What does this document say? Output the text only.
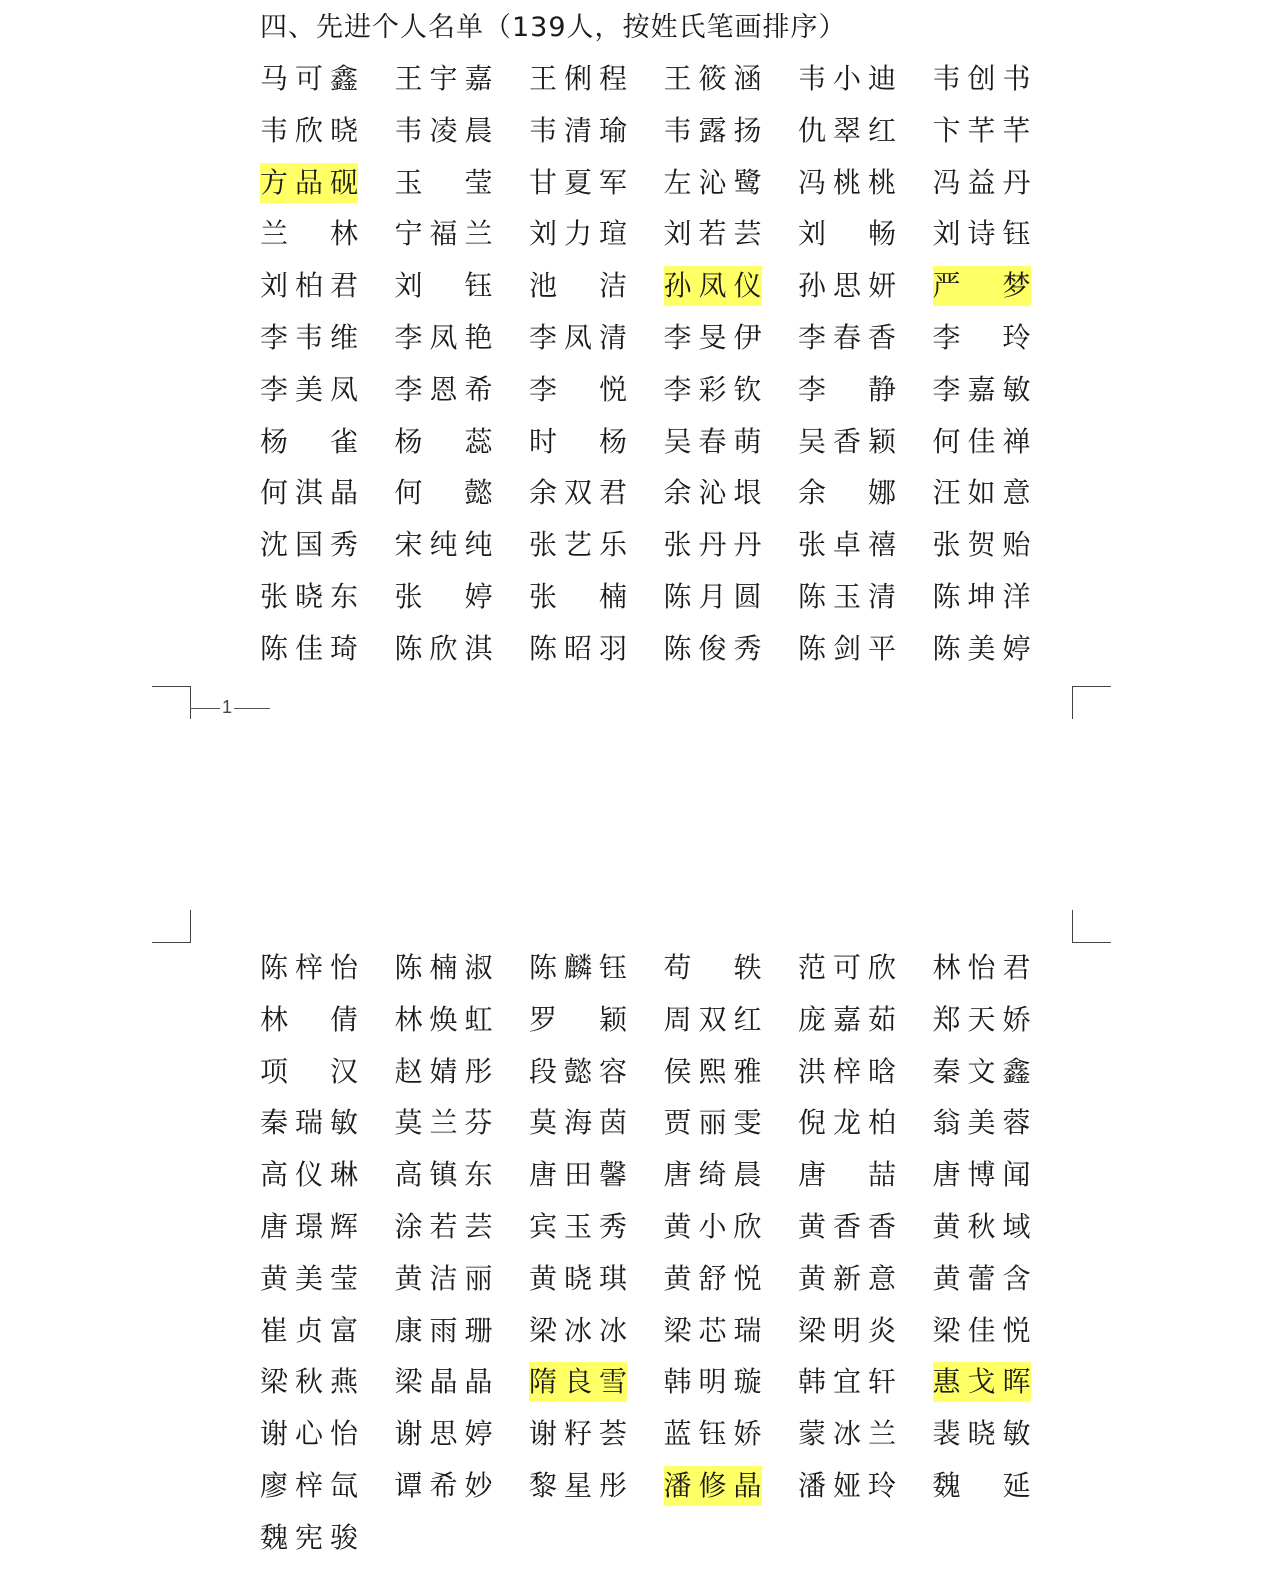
四、先进个人名单（139人，按姓氏笔画排序）
马可鑫	王宇嘉	王俐程	王筱涵	韦小迪	韦创书
韦欣晓	韦凌晨	韦清瑜	韦露扬	仇翠红	卞芊芊
方品砚	玉莹	甘夏军	左沁鹭	冯桃桃	冯益丹
兰林	宁福兰	刘力瑄	刘若芸	刘畅	刘诗钰
刘柏君	刘钰	池洁	孙凤仪	孙思妍	严梦
李韦维	李凤艳	李凤清	李旻伊	李春香	李玲
李美凤	李恩希	李悦	李彩钦	李静	李嘉敏
杨雀	杨蕊	时杨	吴春萌	吴香颖	何佳禅
何淇晶	何懿	余双君	余沁垠	余娜	汪如意
沈国秀	宋纯纯	张艺乐	张丹丹	张卓禧	张贺贻
张晓东	张婷	张楠	陈月圆	陈玉清	陈坤洋
陈佳琦	陈欣淇	陈昭羽	陈俊秀	陈剑平	陈美婷
1
陈梓怡	陈楠淑	陈麟钰	苟轶	范可欣	林怡君
林倩	林焕虹	罗颖	周双红	庞嘉茹	郑天娇
项汉	赵婧彤	段懿容	侯熙雅	洪梓晗	秦文鑫
秦瑞敏	莫兰芬	莫海茵	贾丽雯	倪龙柏	翁美蓉
高仪琳	高镇东	唐田馨	唐绮晨	唐喆	唐博闻
唐璟辉	涂若芸	宾玉秀	黄小欣	黄香香	黄秋域
黄美莹	黄洁丽	黄晓琪	黄舒悦	黄新意	黄蕾含
崔贞富	康雨珊	梁冰冰	梁芯瑞	梁明炎	梁佳悦
梁秋燕	梁晶晶	隋良雪	韩明璇	韩宜轩	惠戈晖
谢心怡	谢思婷	谢籽荟	蓝钰娇	蒙冰兰	裴晓敏
廖梓氙	谭希妙	黎星彤	潘修晶	潘娅玲	魏延
魏宪骏
